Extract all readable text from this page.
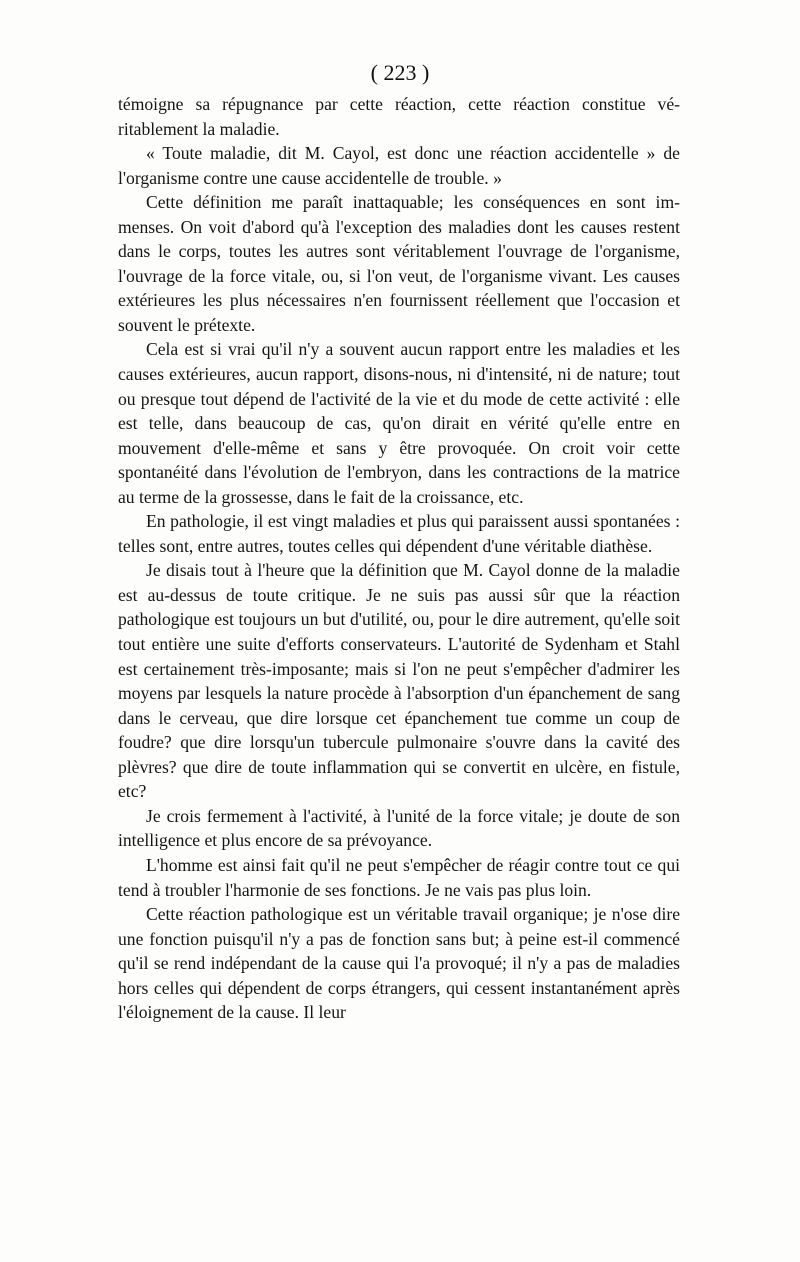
( 223 )

témoigne sa répugnance par cette réaction, cette réaction constitue véritablement la maladie.

« Toute maladie, dit M. Cayol, est donc une réaction accidentelle » de l'organisme contre une cause accidentelle de trouble. »

Cette définition me paraît inattaquable; les conséquences en sont immenses. On voit d'abord qu'à l'exception des maladies dont les causes restent dans le corps, toutes les autres sont véritablement l'ouvrage de l'organisme, l'ouvrage de la force vitale, ou, si l'on veut, de l'organisme vivant. Les causes extérieures les plus nécessaires n'en fournissent réellement que l'occasion et souvent le prétexte.

Cela est si vrai qu'il n'y a souvent aucun rapport entre les maladies et les causes extérieures, aucun rapport, disons-nous, ni d'intensité, ni de nature; tout ou presque tout dépend de l'activité de la vie et du mode de cette activité : elle est telle, dans beaucoup de cas, qu'on dirait en vérité qu'elle entre en mouvement d'elle-même et sans y être provoquée. On croit voir cette spontanéité dans l'évolution de l'embryon, dans les contractions de la matrice au terme de la grossesse, dans le fait de la croissance, etc.

En pathologie, il est vingt maladies et plus qui paraissent aussi spontanées : telles sont, entre autres, toutes celles qui dépendent d'une véritable diathèse.

Je disais tout à l'heure que la définition que M. Cayol donne de la maladie est au-dessus de toute critique. Je ne suis pas aussi sûr que la réaction pathologique est toujours un but d'utilité, ou, pour le dire autrement, qu'elle soit tout entière une suite d'efforts conservateurs. L'autorité de Sydenham et Stahl est certainement très-imposante; mais si l'on ne peut s'empêcher d'admirer les moyens par lesquels la nature procède à l'absorption d'un épanchement de sang dans le cerveau, que dire lorsque cet épanchement tue comme un coup de foudre? que dire lorsqu'un tubercule pulmonaire s'ouvre dans la cavité des plèvres? que dire de toute inflammation qui se convertit en ulcère, en fistule, etc?

Je crois fermement à l'activité, à l'unité de la force vitale; je doute de son intelligence et plus encore de sa prévoyance.

L'homme est ainsi fait qu'il ne peut s'empêcher de réagir contre tout ce qui tend à troubler l'harmonie de ses fonctions. Je ne vais pas plus loin.

Cette réaction pathologique est un véritable travail organique; je n'ose dire une fonction puisqu'il n'y a pas de fonction sans but; à peine est-il commencé qu'il se rend indépendant de la cause qui l'a provoqué; il n'y a pas de maladies hors celles qui dépendent de corps étrangers, qui cessent instantanément après l'éloignement de la cause. Il leur
